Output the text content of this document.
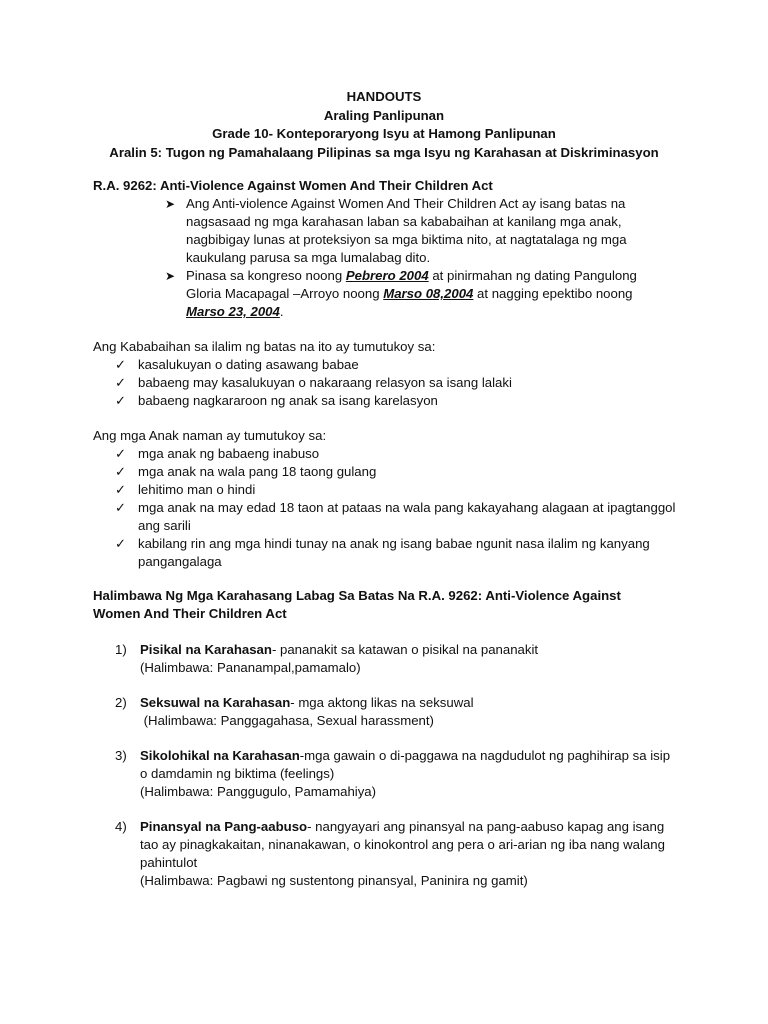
HANDOUTS
Araling Panlipunan
Grade 10- Konteporaryong Isyu at Hamong Panlipunan
Aralin 5: Tugon ng Pamahalaang Pilipinas sa mga Isyu ng Karahasan at Diskriminasyon
R.A. 9262: Anti-Violence Against Women And Their Children Act
➤ Ang Anti-violence Against Women And Their Children Act ay isang batas na nagsasaad ng mga karahasan laban sa kababaihan at kanilang mga anak, nagbibigay lunas at proteksiyon sa mga biktima nito, at nagtatalaga ng mga kaukulang parusa sa mga lumalabag dito.
➤ Pinasa sa kongreso noong Pebrero 2004 at pinirmahan ng dating Pangulong Gloria Macapagal –Arroyo noong Marso 08,2004 at nagging epektibo noong Marso 23, 2004.
Ang Kababaihan sa ilalim ng batas na ito ay tumutukoy sa:
✓ kasalukuyan o dating asawang babae
✓ babaeng may kasalukuyan o nakaraang relasyon sa isang lalaki
✓ babaeng nagkararoon ng anak sa isang karelasyon
Ang mga Anak naman ay tumutukoy sa:
✓ mga anak ng babaeng inabuso
✓ mga anak na wala pang 18 taong gulang
✓ lehitimo man o hindi
✓ mga anak na may edad 18 taon at pataas na wala pang kakayahang alagaan at ipagtanggol ang sarili
✓ kabilang rin ang mga hindi tunay na anak ng isang babae ngunit nasa ilalim ng kanyang pangangalaga
Halimbawa Ng Mga Karahasang Labag Sa Batas Na R.A. 9262: Anti-Violence Against Women And Their Children Act
1) Pisikal na Karahasan- pananakit sa katawan o pisikal na pananakit
(Halimbawa: Pananampal,pamamalo)
2) Seksuwal na Karahasan- mga aktong likas na seksuwal
(Halimbawa: Panggagahasa, Sexual harassment)
3) Sikolohikal na Karahasan-mga gawain o di-paggawa na nagdudulot ng paghihirap sa isip o damdamin ng biktima (feelings)
(Halimbawa: Panggugulo, Pamamahiya)
4) Pinansyal na Pang-aabuso- nangyayari ang pinansyal na pang-aabuso kapag ang isang tao ay pinagkakaitan, ninanakawan, o kinokontrol ang pera o ari-arian ng iba nang walang pahintulot
(Halimbawa: Pagbawi ng sustentong pinansyal, Paninira ng gamit)
